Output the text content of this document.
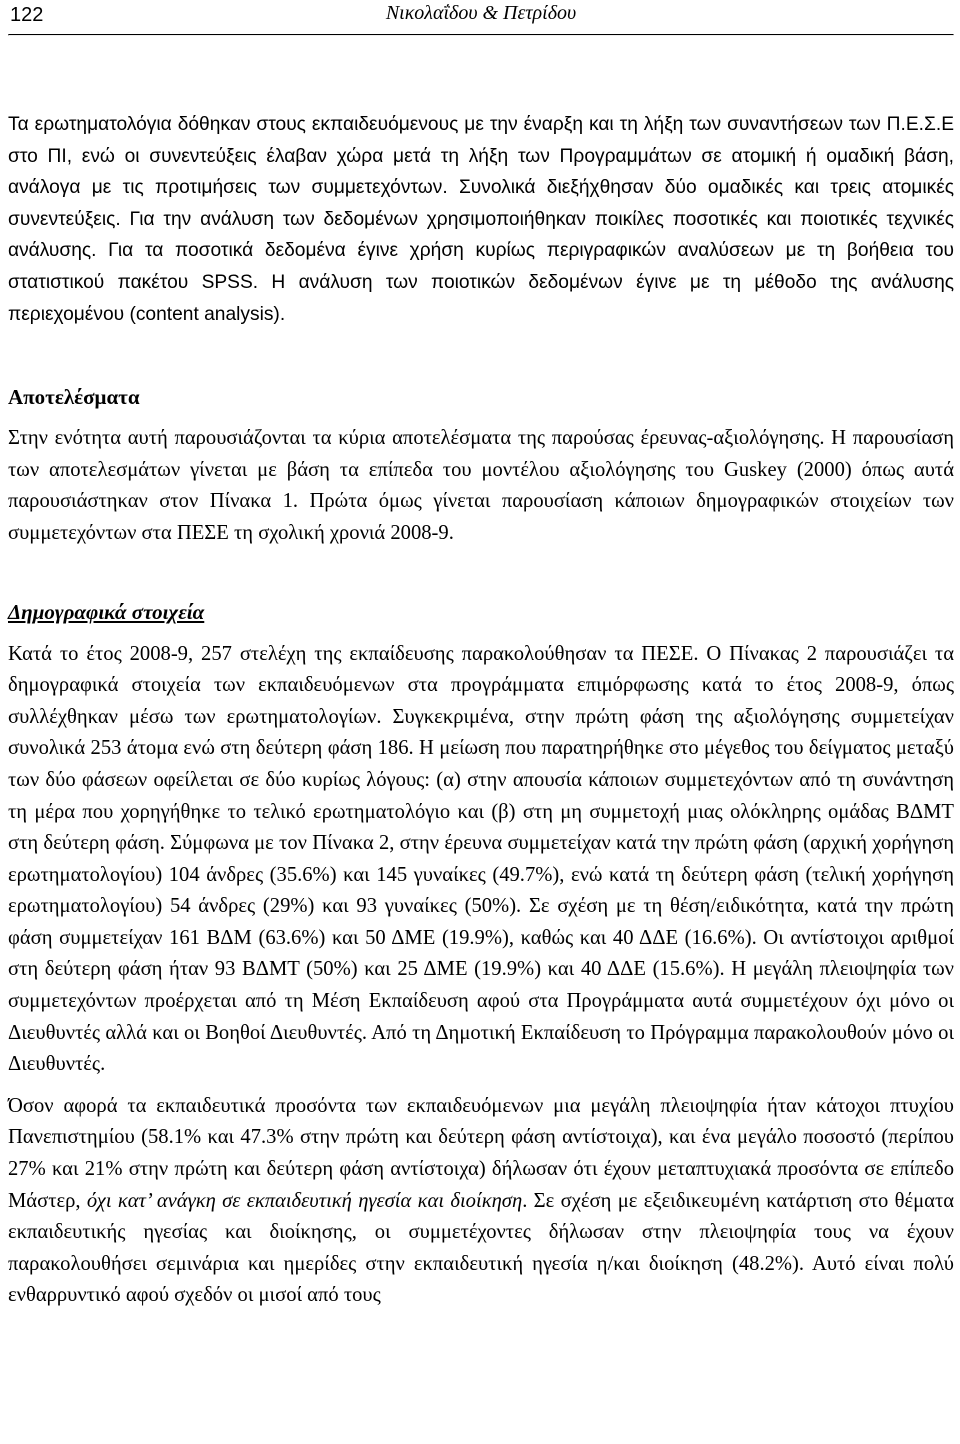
122	Νικολαΐδου & Πετρίδου

Τα ερωτηματολόγια δόθηκαν στους εκπαιδευόμενους με την έναρξη και τη λήξη των συναντήσεων των Π.Ε.Σ.Ε στο ΠΙ, ενώ οι συνεντεύξεις έλαβαν χώρα μετά τη λήξη των Προγραμμάτων σε ατομική ή ομαδική βάση, ανάλογα με τις προτιμήσεις των συμμετεχόντων. Συνολικά διεξήχθησαν δύο ομαδικές και τρεις ατομικές συνεντεύξεις. Για την ανάλυση των δεδομένων χρησιμοποιήθηκαν ποικίλες ποσοτικές και ποιοτικές τεχνικές ανάλυσης. Για τα ποσοτικά δεδομένα έγινε χρήση κυρίως περιγραφικών αναλύσεων με τη βοήθεια του στατιστικού πακέτου SPSS. Η ανάλυση των ποιοτικών δεδομένων έγινε με τη μέθοδο της ανάλυσης περιεχομένου (content analysis).

Αποτελέσματα

Στην ενότητα αυτή παρουσιάζονται τα κύρια αποτελέσματα της παρούσας έρευνας-αξιολόγησης. Η παρουσίαση των αποτελεσμάτων γίνεται με βάση τα επίπεδα του μοντέλου αξιολόγησης του Guskey (2000) όπως αυτά παρουσιάστηκαν στον Πίνακα 1. Πρώτα όμως γίνεται παρουσίαση κάποιων δημογραφικών στοιχείων των συμμετεχόντων στα ΠΕΣΕ τη σχολική χρονιά 2008-9.

Δημογραφικά στοιχεία

Κατά το έτος 2008-9, 257 στελέχη της εκπαίδευσης παρακολούθησαν τα ΠΕΣΕ. Ο Πίνακας 2 παρουσιάζει τα δημογραφικά στοιχεία των εκπαιδευόμενων στα προγράμματα επιμόρφωσης κατά το έτος 2008-9, όπως συλλέχθηκαν μέσω των ερωτηματολογίων. Συγκεκριμένα, στην πρώτη φάση της αξιολόγησης συμμετείχαν συνολικά 253 άτομα ενώ στη δεύτερη φάση 186. Η μείωση που παρατηρήθηκε στο μέγεθος του δείγματος μεταξύ των δύο φάσεων οφείλεται σε δύο κυρίως λόγους: (α) στην απουσία κάποιων συμμετεχόντων από τη συνάντηση τη μέρα που χορηγήθηκε το τελικό ερωτηματολόγιο και (β) στη μη συμμετοχή μιας ολόκληρης ομάδας ΒΔΜΤ στη δεύτερη φάση. Σύμφωνα με τον Πίνακα 2, στην έρευνα συμμετείχαν κατά την πρώτη φάση (αρχική χορήγηση ερωτηματολογίου) 104 άνδρες (35.6%) και 145 γυναίκες (49.7%), ενώ κατά τη δεύτερη φάση (τελική χορήγηση ερωτηματολογίου) 54 άνδρες (29%) και 93 γυναίκες (50%). Σε σχέση με τη θέση/ειδικότητα, κατά την πρώτη φάση συμμετείχαν 161 ΒΔΜ (63.6%) και 50 ΔΜΕ (19.9%), καθώς και 40 ΔΔΕ (16.6%). Οι αντίστοιχοι αριθμοί στη δεύτερη φάση ήταν 93 ΒΔΜΤ (50%) και 25 ΔΜΕ (19.9%) και 40 ΔΔΕ (15.6%). Η μεγάλη πλειοψηφία των συμμετεχόντων προέρχεται από τη Μέση Εκπαίδευση αφού στα Προγράμματα αυτά συμμετέχουν όχι μόνο οι Διευθυντές αλλά και οι Βοηθοί Διευθυντές. Από τη Δημοτική Εκπαίδευση το Πρόγραμμα παρακολουθούν μόνο οι Διευθυντές.

Όσον αφορά τα εκπαιδευτικά προσόντα των εκπαιδευόμενων μια μεγάλη πλειοψηφία ήταν κάτοχοι πτυχίου Πανεπιστημίου (58.1% και 47.3% στην πρώτη και δεύτερη φάση αντίστοιχα), και ένα μεγάλο ποσοστό (περίπου 27% και 21% στην πρώτη και δεύτερη φάση αντίστοιχα) δήλωσαν ότι έχουν μεταπτυχιακά προσόντα σε επίπεδο Μάστερ, όχι κατ’ ανάγκη σε εκπαιδευτική ηγεσία και διοίκηση. Σε σχέση με εξειδικευμένη κατάρτιση στο θέματα εκπαιδευτικής ηγεσίας και διοίκησης, οι συμμετέχοντες δήλωσαν στην πλειοψηφία τους να έχουν παρακολουθήσει σεμινάρια και ημερίδες στην εκπαιδευτική ηγεσία η/και διοίκηση (48.2%). Αυτό είναι πολύ ενθαρρυντικό αφού σχεδόν οι μισοί από τους
